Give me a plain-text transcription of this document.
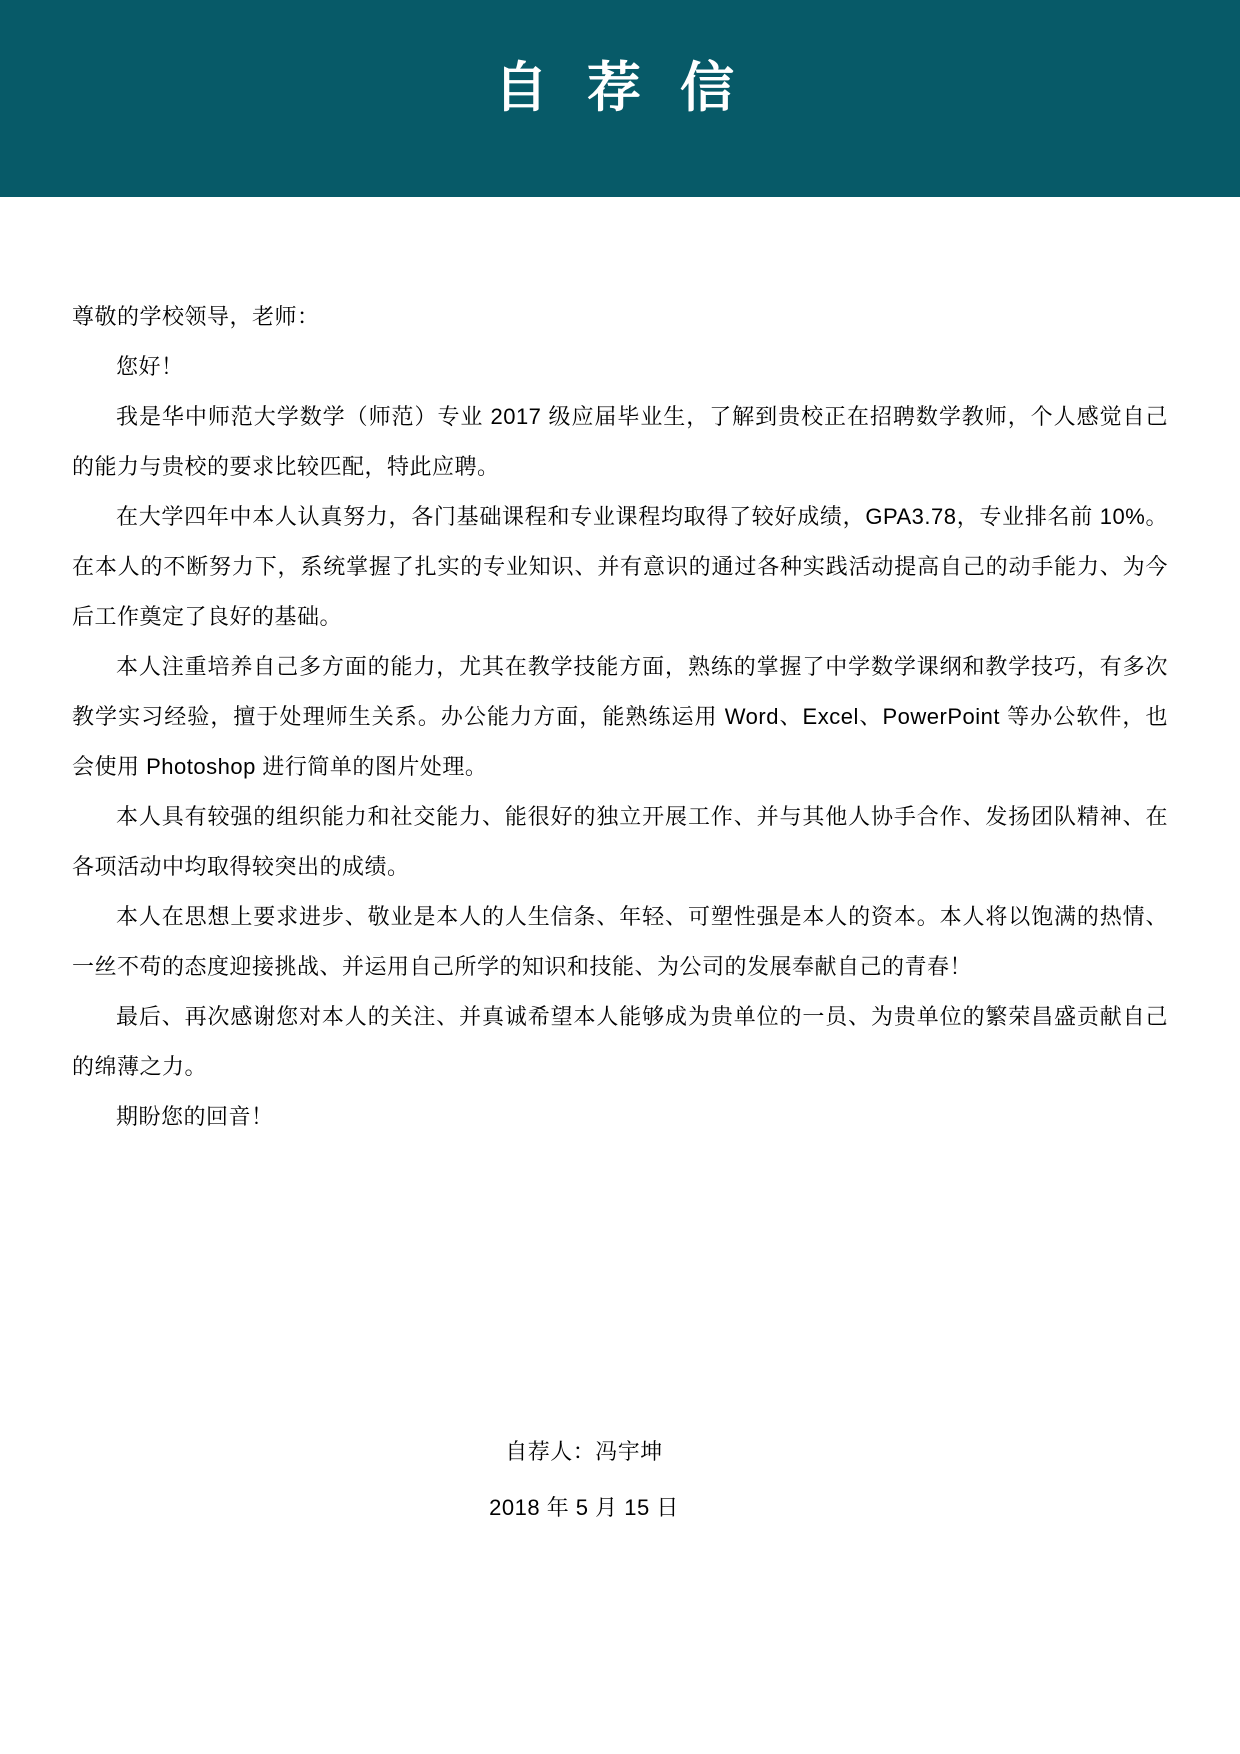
自 荐 信

尊敬的学校领导，老师：

您好！

我是华中师范大学数学（师范）专业 2017 级应届毕业生，了解到贵校正在招聘数学教师，个人感觉自己的能力与贵校的要求比较匹配，特此应聘。

在大学四年中本人认真努力，各门基础课程和专业课程均取得了较好成绩，GPA3.78，专业排名前 10%。在本人的不断努力下，系统掌握了扎实的专业知识、并有意识的通过各种实践活动提高自己的动手能力、为今后工作奠定了良好的基础。

本人注重培养自己多方面的能力，尤其在教学技能方面，熟练的掌握了中学数学课纲和教学技巧，有多次教学实习经验，擅于处理师生关系。办公能力方面，能熟练运用 Word、Excel、PowerPoint 等办公软件，也会使用 Photoshop 进行简单的图片处理。

本人具有较强的组织能力和社交能力、能很好的独立开展工作、并与其他人协手合作、发扬团队精神、在各项活动中均取得较突出的成绩。

本人在思想上要求进步、敬业是本人的人生信条、年轻、可塑性强是本人的资本。本人将以饱满的热情、一丝不苟的态度迎接挑战、并运用自己所学的知识和技能、为公司的发展奉献自己的青春！

最后、再次感谢您对本人的关注、并真诚希望本人能够成为贵单位的一员、为贵单位的繁荣昌盛贡献自己的绵薄之力。

期盼您的回音！

自荐人：冯宇坤

2018 年 5 月 15 日
